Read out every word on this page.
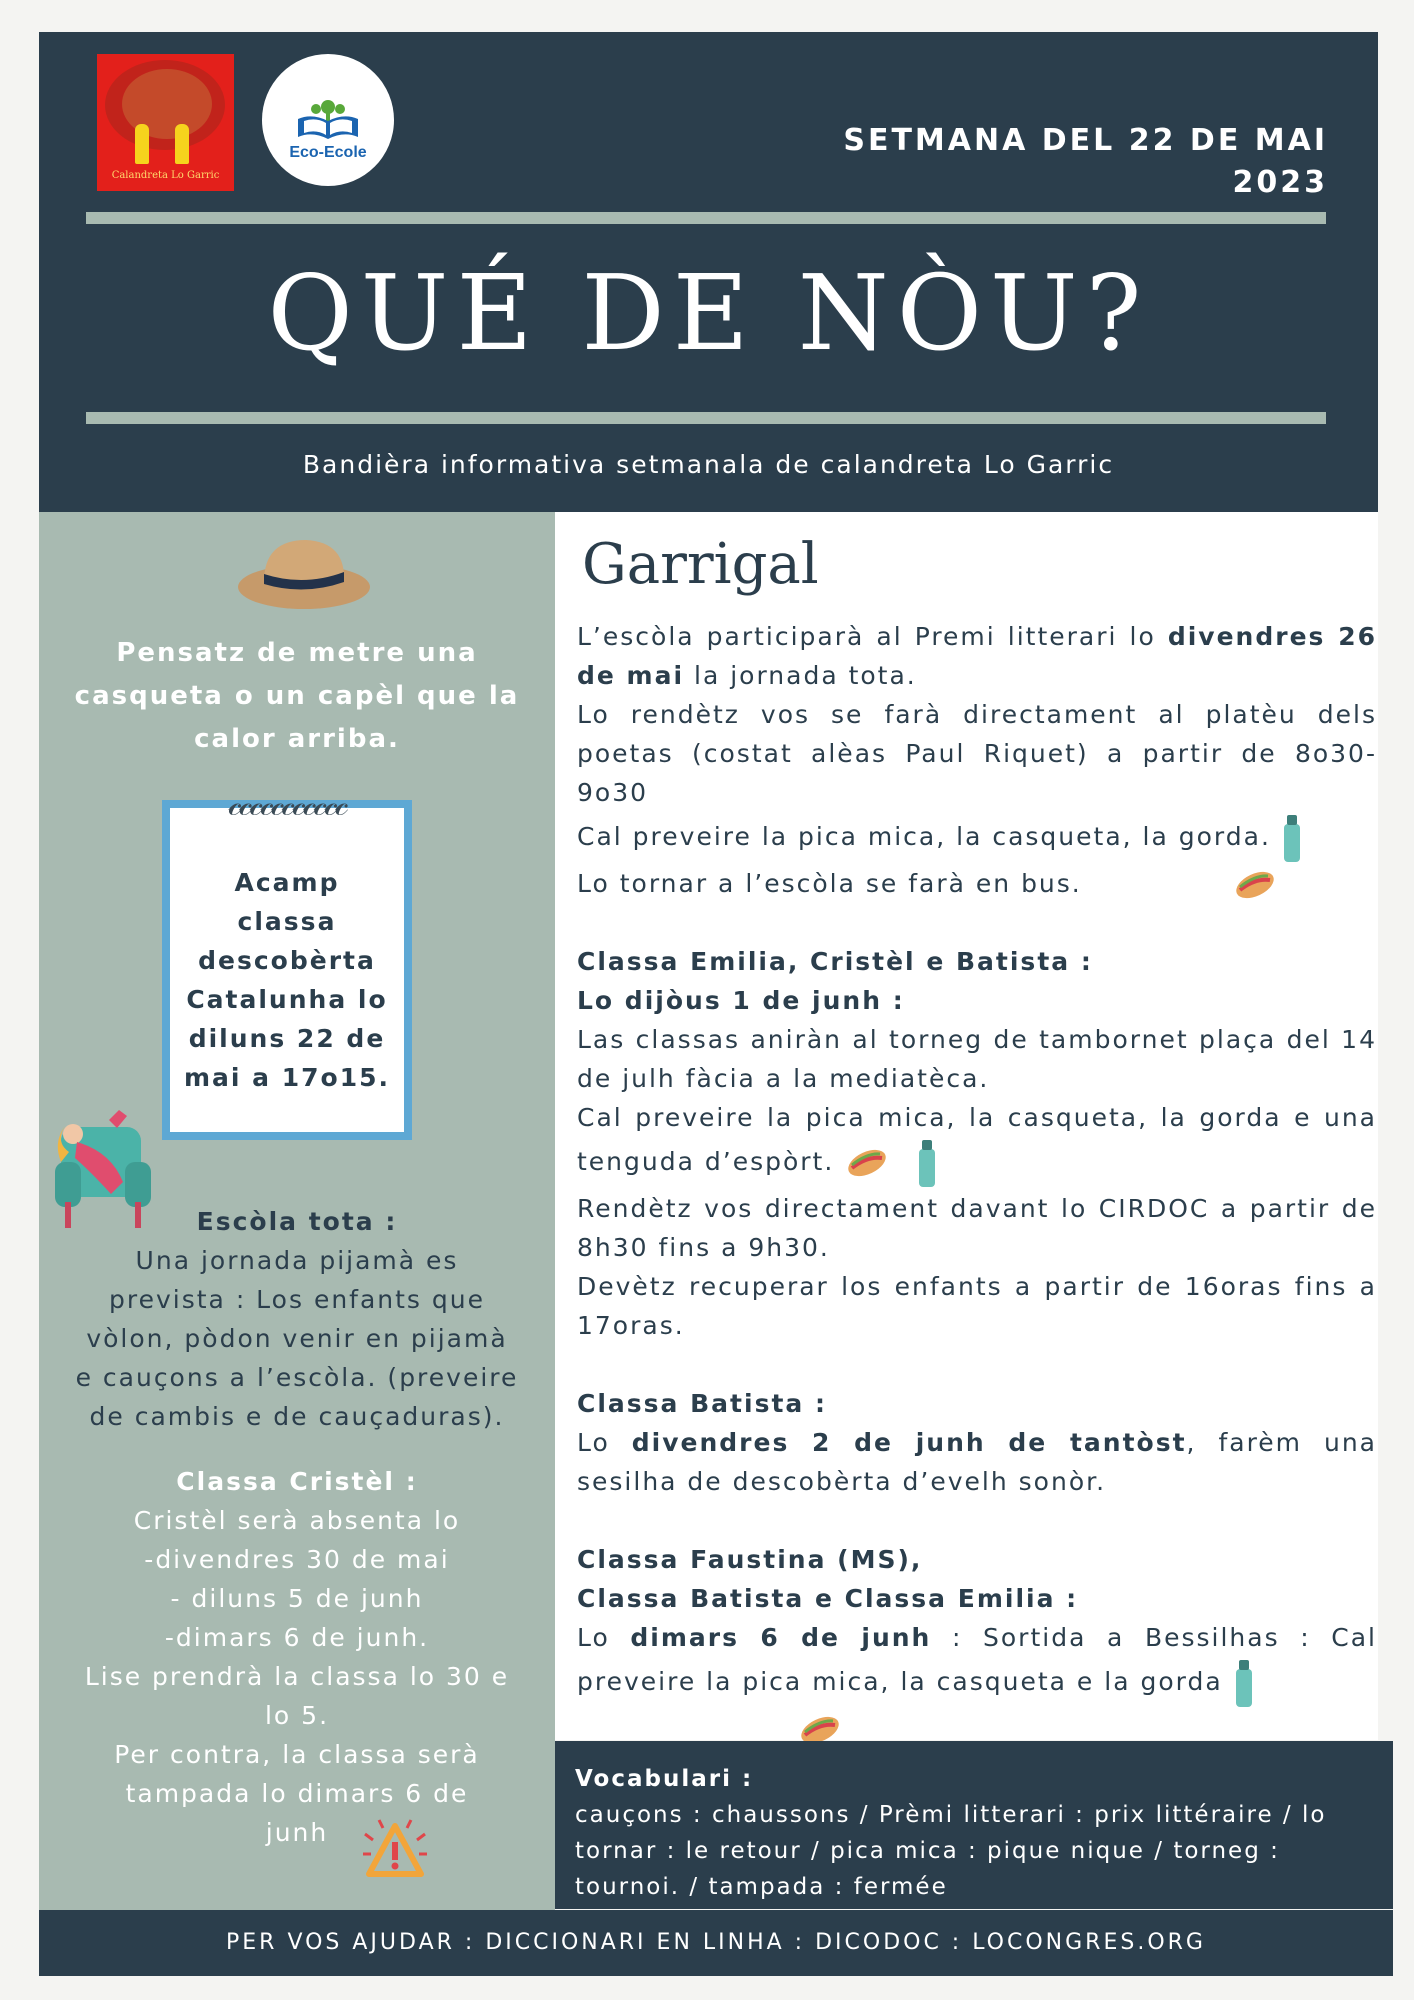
Calandreta Lo Garric
Eco-Ecole	SETMANA DEL 22 DE MAI
2023
QUÉ DE NÒU?
Bandièra informativa setmanala de calandreta Lo Garric
Pensatz de metre una
casqueta o un capèl que la
calor arriba.
𝒸𝒸𝒸𝒸𝒸𝒸𝒸𝒸𝒸𝒸𝒸
Acamp
classa
descobèrta
Catalunha lo
diluns 22 de
mai a 17o15.
Escòla tota :
Una jornada pijamà es
prevista : Los enfants que
vòlon, pòdon venir en pijamà
e cauçons a l’escòla. (preveire
de cambis e de cauçaduras).
Classa Cristèl :
Cristèl serà absenta lo
-divendres 30 de mai
- diluns 5 de junh
-dimars 6 de junh.
Lise prendrà la classa lo 30 e
lo 5.
Per contra, la classa serà
tampada lo dimars 6 de
junh
Garrigal

L’escòla participarà al Premi litterari lo divendres 26 de mai la jornada tota.
Lo rendètz vos se farà directament al platèu dels poetas (costat alèas Paul Riquet) a partir de 8o30-9o30
Cal preveire la pica mica, la casqueta, la gorda.
Lo tornar a l’escòla se farà en bus.

Classa Emilia, Cristèl e Batista :
Lo dijòus 1 de junh :
Las classas aniràn al torneg de tambornet plaça del 14 de julh fàcia a la mediatèca.
Cal preveire la pica mica, la casqueta, la gorda e una tenguda d’espòrt.
Rendètz vos directament davant lo CIRDOC a partir de 8h30 fins a 9h30.
Devètz recuperar los enfants a partir de 16oras fins a 17oras.

Classa Batista :
Lo divendres 2 de junh de tantòst, farèm una sesilha de descobèrta d’evelh sonòr.

Classa Faustina (MS),
Classa Batista e Classa Emilia :
Lo dimars 6 de junh : Sortida a Bessilhas : Cal preveire la pica mica, la casqueta e la gorda

Vocabulari :
cauçons : chaussons / Prèmi litterari : prix littéraire / lo
tornar : le retour / pica mica : pique nique / torneg :
tournoi. / tampada : fermée
PER VOS AJUDAR : DICCIONARI EN LINHA : DICODOC : LOCONGRES.ORG
